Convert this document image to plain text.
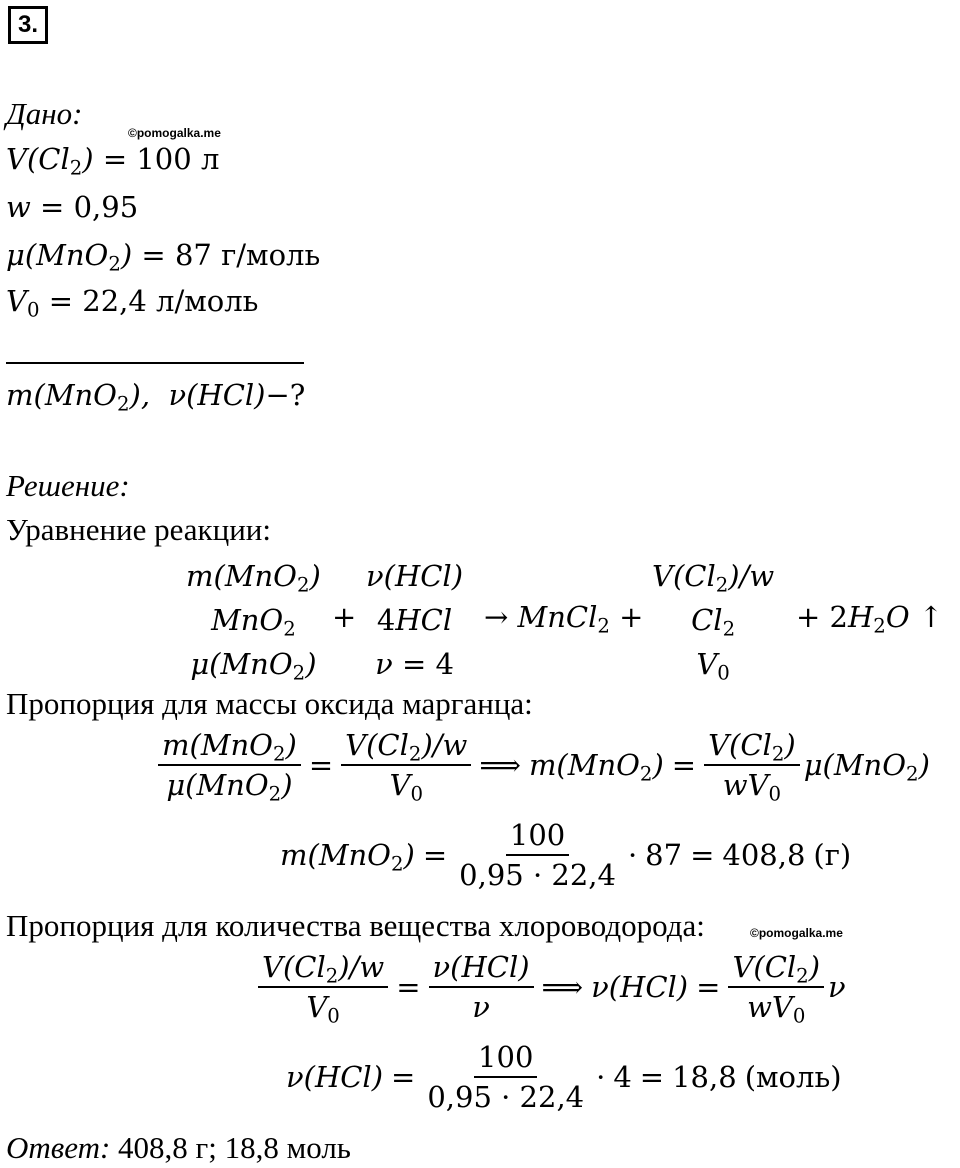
3.
Дано:
©pomogalka.me
$V(Cl_2) = 100$ л
w = 0,95
μ(MnO$_2$) = 87 г/моль
$V_0 = 22,4$ л/моль
m(MnO$_2$),  ν(HCl)−?
Решение:
Уравнение реакции:
m(MnO$_2$)
MnO$_2$
μ(MnO$_2$)
+
ν(HCl)
4HCl
ν = 4
→ MnCl$_2$ +
$V(Cl_2)/w$
$Cl_2$
$V_0$
+ $2H_2O$ ↑
Пропорция для массы оксида марганца:
$\frac{m(MnO_2)}{\mu(MnO_2)} = \frac{V(Cl_2)/w}{V_0}$ ⟹ $m(MnO_2) = \frac{V(Cl_2)}{wV_0} \mu(MnO_2)$
$m(MnO_2) = \frac{100}{0,95 \cdot 22,4} \cdot 87 = 408,8$ (г)
Пропорция для количества вещества хлороводорода:	©pomogalka.me
$\frac{V(Cl_2)/w}{V_0} = \frac{\text{ν(HCl)}}{\nu}$ ⟹ $\nu(HCl) = \frac{V(Cl_2)}{wV_0}$ ν
$\nu(HCl) = \frac{100}{0,95 \cdot 22,4} \cdot 4 = 18,8$ (моль)
Ответ: 408,8 г; 18,8 моль
